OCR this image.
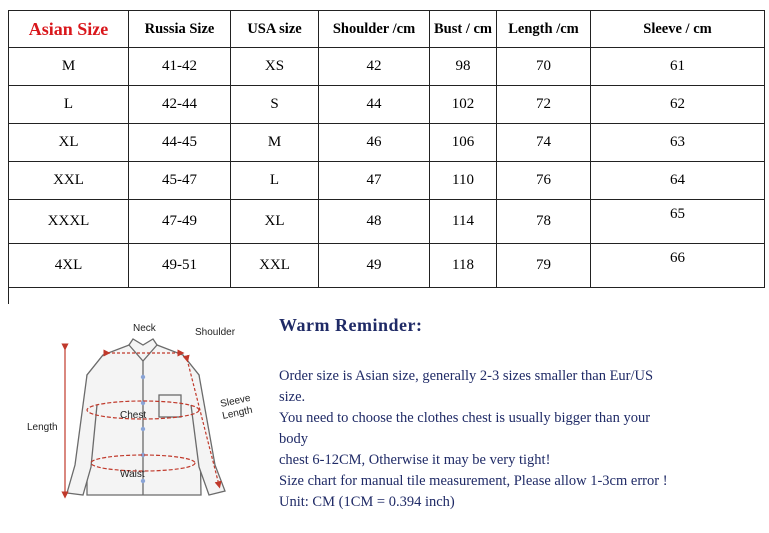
Asian Size	Russia Size	USA size	Shoulder /cm	Bust / cm	Length /cm	Sleeve / cm
M	41-42	XS	42	98	70	61
L	42-44	S	44	102	72	62
XL	44-45	M	46	106	74	63
XXL	45-47	L	47	110	76	64
XXXL	47-49	XL	48	114	78	65
4XL	49-51	XXL	49	118	79	66
Neck	Shoulder
Chest
Waist
Length
Sleeve
Length

Warm Reminder:

Order size is Asian size, generally 2-3 sizes smaller than Eur/US

size.

You need to choose the clothes chest is usually bigger than your

body

chest 6-12CM, Otherwise it may be very tight!

Size chart for manual tile measurement, Please allow 1-3cm error !

Unit: CM (1CM = 0.394 inch)
